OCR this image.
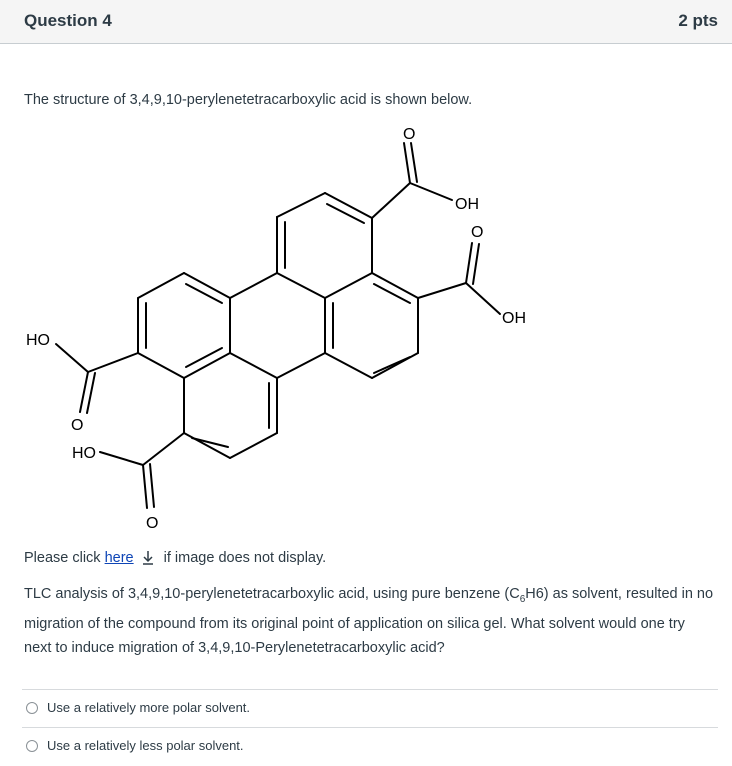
Question 4	2 pts
The structure of 3,4,9,10-perylenetetracarboxylic acid is shown below.
O
OH
O
OH
HO
O
HO
O
Please click here if image does not display.
TLC analysis of 3,4,9,10-perylenetetracarboxylic acid, using pure benzene $(C_6H6)$ as solvent, resulted in no migration of the compound from its original point of application on silica gel. What solvent would one try next to induce migration of 3,4,9,10-Perylenetetracarboxylic acid?
Use a relatively more polar solvent.
Use a relatively less polar solvent.
